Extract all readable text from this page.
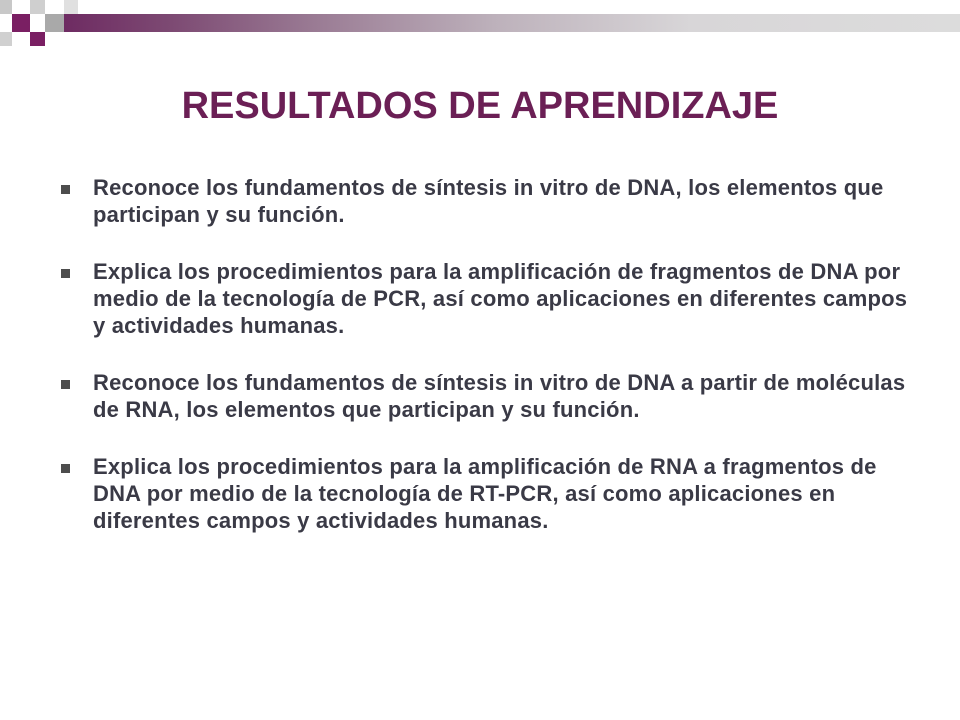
RESULTADOS DE APRENDIZAJE
Reconoce los fundamentos de síntesis in vitro de DNA, los elementos que participan y su función.
Explica los procedimientos para la amplificación de fragmentos de DNA por medio de la tecnología de PCR, así como aplicaciones en diferentes campos y actividades humanas.
Reconoce los fundamentos de síntesis in vitro de DNA a partir de moléculas de RNA, los elementos que participan y su función.
Explica los procedimientos para la amplificación de RNA a fragmentos de DNA por medio de la tecnología de RT-PCR, así como aplicaciones en diferentes campos y actividades humanas.
